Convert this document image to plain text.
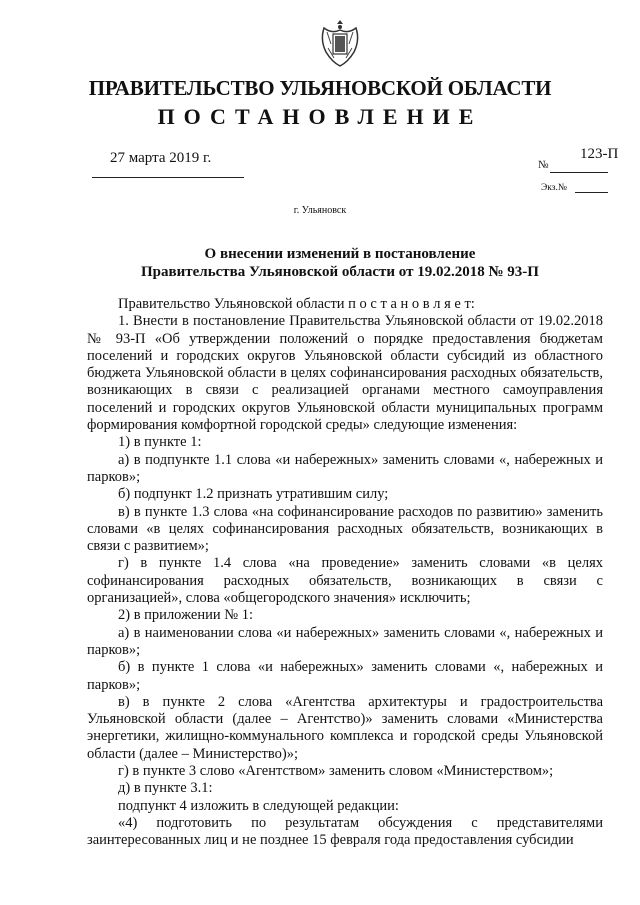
ПРАВИТЕЛЬСТВО УЛЬЯНОВСКОЙ ОБЛАСТИ
ПОСТАНОВЛЕНИЕ
27 марта 2019 г.	№
123-П
Экз.№
г. Ульяновск
О внесении изменений в постановление
Правительства Ульяновской области от 19.02.2018 № 93-П

Правительство Ульяновской области п о с т а н о в л я е т:

1. Внести в постановление Правительства Ульяновской области от 19.02.2018 № 93-П «Об утверждении положений о порядке предоставления бюджетам поселений и городских округов Ульяновской области субсидий из областного бюджета Ульяновской области в целях софинансирования расходных обязательств, возникающих в связи с реализацией органами местного самоуправления поселений и городских округов Ульяновской области муниципальных программ формирования комфортной городской среды» следующие изменения:

1) в пункте 1:

а) в подпункте 1.1 слова «и набережных» заменить словами «, набережных и парков»;

б) подпункт 1.2 признать утратившим силу;

в) в пункте 1.3 слова «на софинансирование расходов по развитию» заменить словами «в целях софинансирования расходных обязательств, возникающих в связи с развитием»;

г) в пункте 1.4 слова «на проведение» заменить словами «в целях софинансирования расходных обязательств, возникающих в связи с организацией», слова «общегородского значения» исключить;

2) в приложении № 1:

а) в наименовании слова «и набережных» заменить словами «, набережных и парков»;

б) в пункте 1 слова «и набережных» заменить словами «, набережных и парков»;

в) в пункте 2 слова «Агентства архитектуры и градостроительства Ульяновской области (далее – Агентство)» заменить словами «Министерства энергетики, жилищно-коммунального комплекса и городской среды Ульяновской области (далее – Министерство)»;

г) в пункте 3 слово «Агентством» заменить словом «Министерством»;

д) в пункте 3.1:

подпункт 4 изложить в следующей редакции:

«4) подготовить по результатам обсуждения с представителями заинтересованных лиц и не позднее 15 февраля года предоставления субсидии
